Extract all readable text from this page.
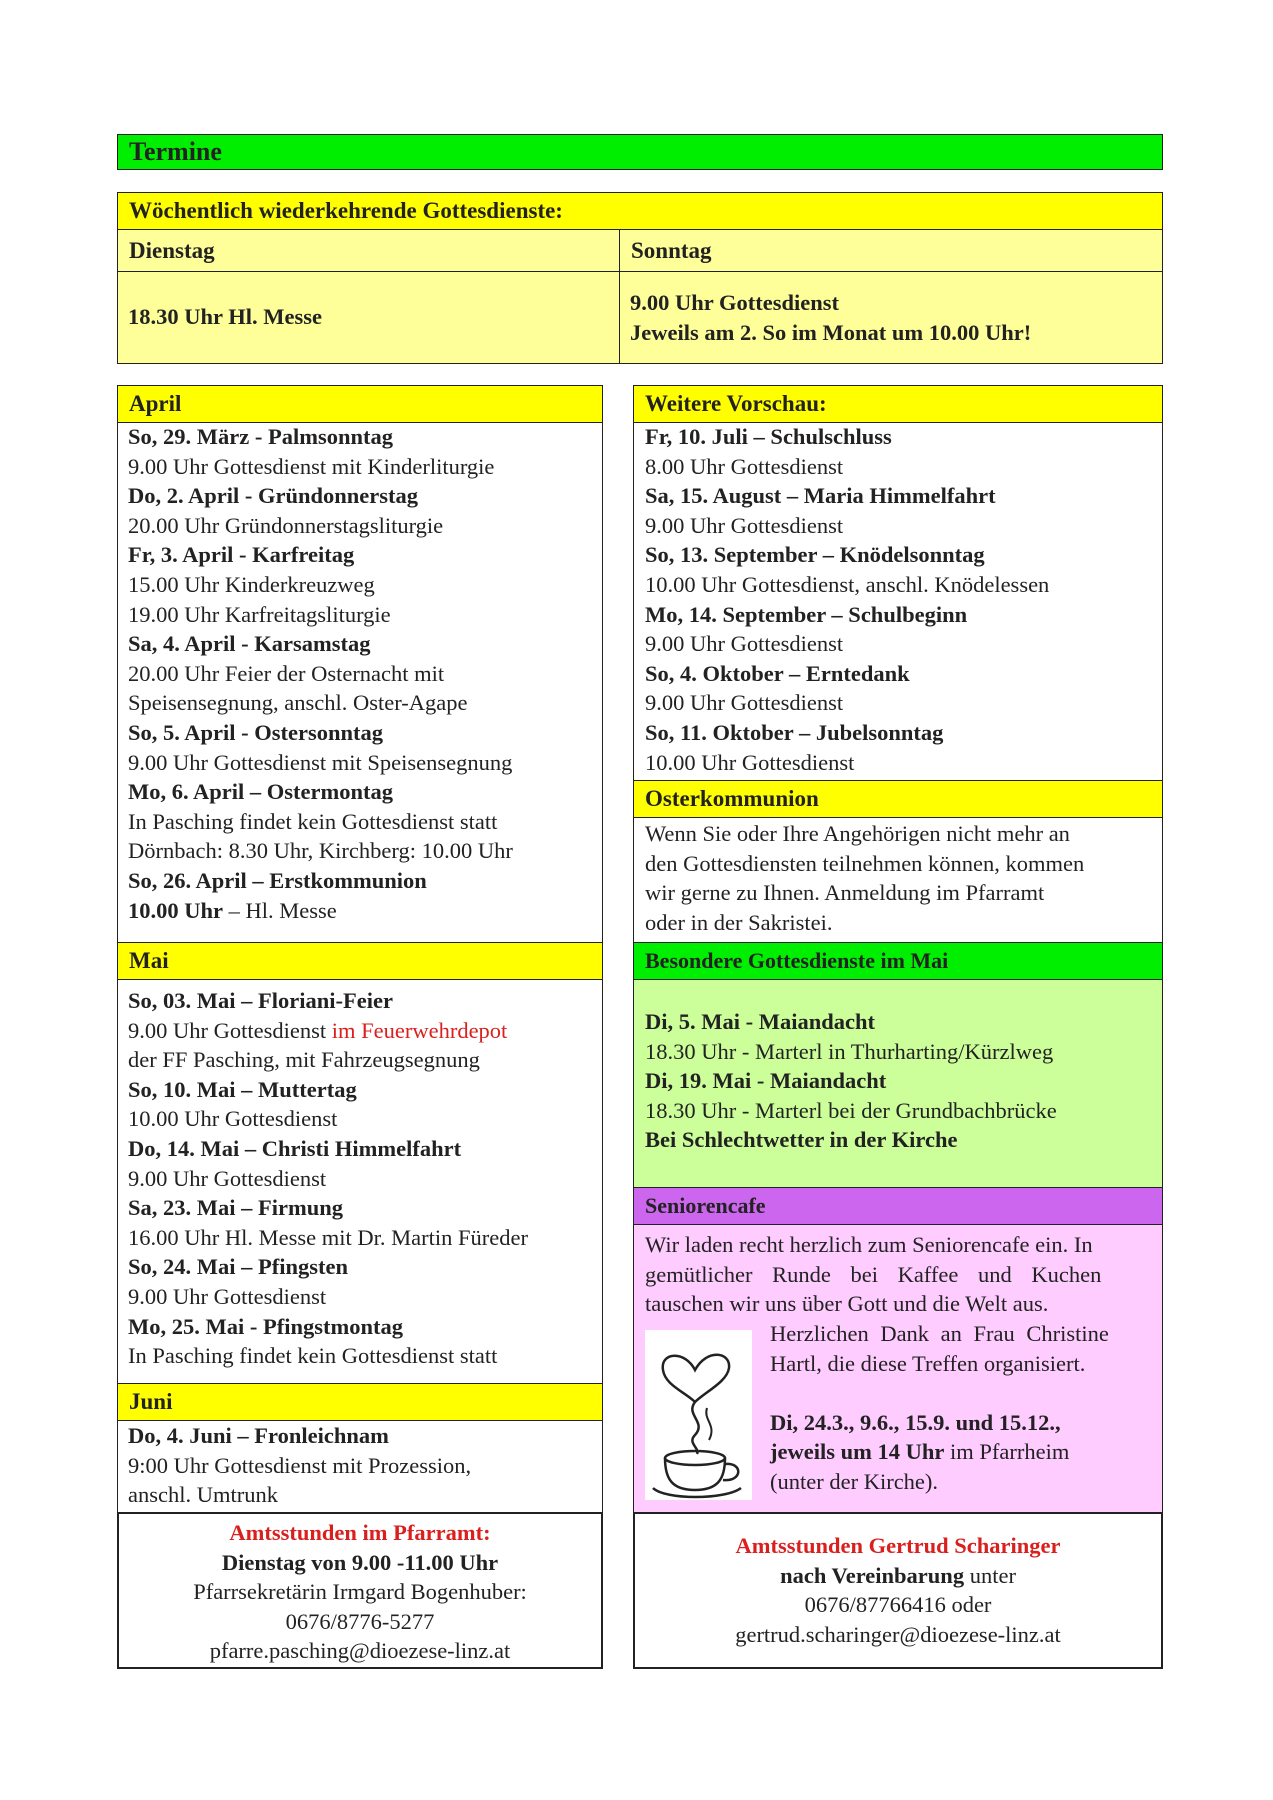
Termine
Wöchentlich wiederkehrende Gottesdienste:
Dienstag	Sonntag
18.30 Uhr Hl. Messe
9.00 Uhr Gottesdienst
Jeweils am 2. So im Monat um 10.00 Uhr!
April
So, 29. März - Palmsonntag
9.00 Uhr Gottesdienst mit Kinderliturgie
Do, 2. April - Gründonnerstag
20.00 Uhr Gründonnerstagsliturgie
Fr, 3. April - Karfreitag
15.00 Uhr Kinderkreuzweg
19.00 Uhr Karfreitagsliturgie
Sa, 4. April - Karsamstag
20.00 Uhr Feier der Osternacht mit
Speisensegnung, anschl. Oster-Agape
So, 5. April - Ostersonntag
9.00 Uhr Gottesdienst mit Speisensegnung
Mo, 6. April – Ostermontag
In Pasching findet kein Gottesdienst statt
Dörnbach: 8.30 Uhr, Kirchberg: 10.00 Uhr
So, 26. April – Erstkommunion
10.00 Uhr – Hl. Messe
Mai
So, 03. Mai – Floriani-Feier
9.00 Uhr Gottesdienst im Feuerwehrdepot
der FF Pasching, mit Fahrzeugsegnung
So, 10. Mai – Muttertag
10.00 Uhr Gottesdienst
Do, 14. Mai – Christi Himmelfahrt
9.00 Uhr Gottesdienst
Sa, 23. Mai – Firmung
16.00 Uhr Hl. Messe mit Dr. Martin Füreder
So, 24. Mai – Pfingsten
9.00 Uhr Gottesdienst
Mo, 25. Mai - Pfingstmontag
In Pasching findet kein Gottesdienst statt
Juni
Do, 4. Juni – Fronleichnam
9:00 Uhr Gottesdienst mit Prozession,
anschl. Umtrunk
Amtsstunden im Pfarramt:
Dienstag von 9.00 -11.00 Uhr
Pfarrsekretärin Irmgard Bogenhuber:
0676/8776-5277
pfarre.pasching@dioezese-linz.at
Weitere Vorschau:
Fr, 10. Juli – Schulschluss
8.00 Uhr Gottesdienst
Sa, 15. August – Maria Himmelfahrt
9.00 Uhr Gottesdienst
So, 13. September – Knödelsonntag
10.00 Uhr Gottesdienst, anschl. Knödelessen
Mo, 14. September – Schulbeginn
9.00 Uhr Gottesdienst
So, 4. Oktober – Erntedank
9.00 Uhr Gottesdienst
So, 11. Oktober – Jubelsonntag
10.00 Uhr Gottesdienst
Osterkommunion
Wenn Sie oder Ihre Angehörigen nicht mehr an
den Gottesdiensten teilnehmen können, kommen
wir gerne zu Ihnen. Anmeldung im Pfarramt
oder in der Sakristei.
Besondere Gottesdienste im Mai
Di, 5. Mai - Maiandacht
18.30 Uhr - Marterl in Thurharting/Kürzlweg
Di, 19. Mai - Maiandacht
18.30 Uhr - Marterl bei der Grundbachbrücke
Bei Schlechtwetter in der Kirche
Seniorencafe
Wir laden recht herzlich zum Seniorencafe ein. In
gemütlicher Runde bei Kaffee und Kuchen
tauschen wir uns über Gott und die Welt aus.
Herzlichen Dank an Frau Christine
Hartl, die diese Treffen organisiert.
Di, 24.3., 9.6., 15.9. und 15.12.,
jeweils um 14 Uhr im Pfarrheim
(unter der Kirche).
Amtsstunden Gertrud Scharinger
nach Vereinbarung unter
0676/87766416 oder
gertrud.scharinger@dioezese-linz.at
